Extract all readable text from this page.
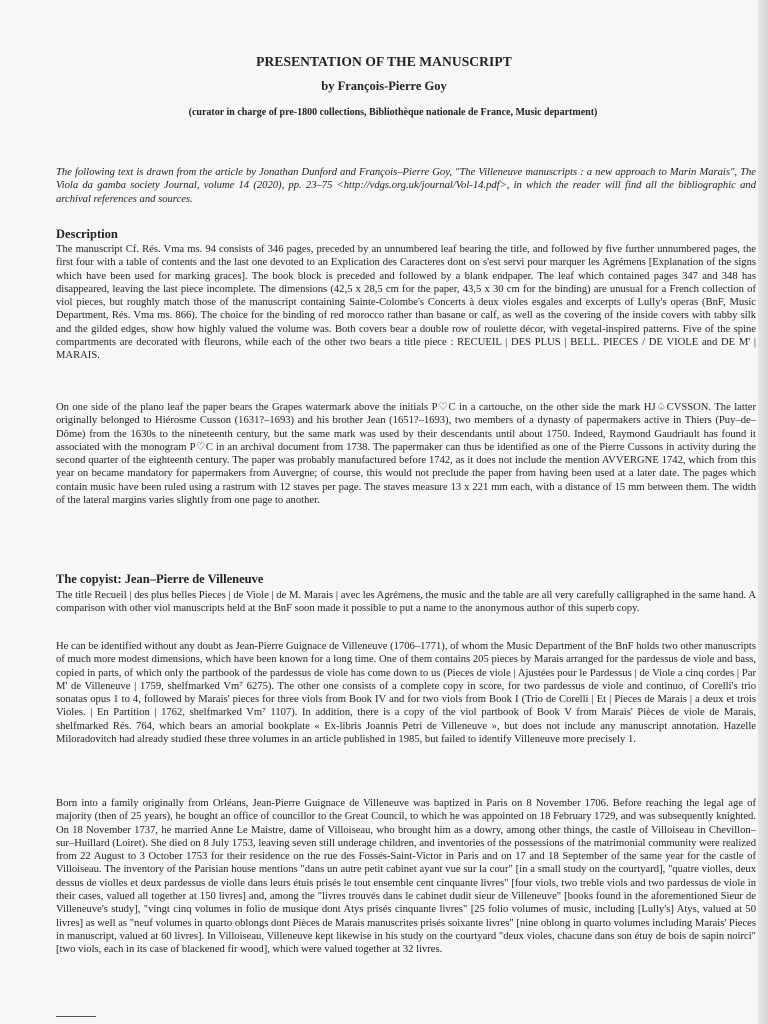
PRESENTATION OF THE MANUSCRIPT
by François-Pierre Goy
(curator in charge of pre-1800 collections, Bibliothèque nationale de France, Music department)

The following text is drawn from the article by Jonathan Dunford and François–Pierre Goy, "The Villeneuve manuscripts : a new approach to Marin Marais", The Viola da gamba society Journal, volume 14 (2020), pp. 23–75 <http://vdgs.org.uk/journal/Vol-14.pdf>, in which the reader will find all the bibliographic and archival references and sources.

Description

The manuscript Cf. Rés. Vma ms. 94 consists of 346 pages, preceded by an unnumbered leaf bearing the title, and followed by five further unnumbered pages, the first four with a table of contents and the last one devoted to an Explication des Caracteres dont on s'est servi pour marquer les Agrémens [Explanation of the signs which have been used for marking graces]. The book block is preceded and followed by a blank endpaper. The leaf which contained pages 347 and 348 has disappeared, leaving the last piece incomplete. The dimensions (42,5 x 28,5 cm for the paper, 43,5 x 30 cm for the binding) are unusual for a French collection of viol pieces, but roughly match those of the manuscript containing Sainte-Colombe's Concerts à deux violes esgales and excerpts of Lully's operas (BnF, Music Department, Rés. Vma ms. 866). The choice for the binding of red morocco rather than basane or calf, as well as the covering of the inside covers with tabby silk and the gilded edges, show how highly valued the volume was. Both covers bear a double row of roulette décor, with vegetal-inspired patterns. Five of the spine compartments are decorated with fleurons, while each of the other two bears a title piece : RECUEIL | DES PLUS | BELL. PIECES / DE VIOLE and DE M' | MARAIS.

On one side of the plano leaf the paper bears the Grapes watermark above the initials P♡C in a cartouche, on the other side the mark HJ♤CVSSON. The latter originally belonged to Hiérosme Cusson (1631?–1693) and his brother Jean (1651?–1693), two members of a dynasty of papermakers active in Thiers (Puy–de–Dôme) from the 1630s to the nineteenth century, but the same mark was used by their descendants until about 1750. Indeed, Raymond Gaudriault has found it associated with the monogram P♡C in an archival document from 1738. The papermaker can thus be identified as one of the Pierre Cussons in activity during the second quarter of the eighteenth century. The paper was probably manufactured before 1742, as it does not include the mention AVVERGNE 1742, which from this year on became mandatory for papermakers from Auvergne; of course, this would not preclude the paper from having been used at a later date. The pages which contain music have been ruled using a rastrum with 12 staves per page. The staves measure 13 x 221 mm each, with a distance of 15 mm between them. The width of the lateral margins varies slightly from one page to another.

The copyist: Jean–Pierre de Villeneuve

The title Recueil | des plus belles Pieces | de Viole | de M. Marais | avec les Agrémens, the music and the table are all very carefully calligraphed in the same hand. A comparison with other viol manuscripts held at the BnF soon made it possible to put a name to the anonymous author of this superb copy.

He can be identified without any doubt as Jean-Pierre Guignace de Villeneuve (1706–1771), of whom the Music Department of the BnF holds two other manuscripts of much more modest dimensions, which have been known for a long time. One of them contains 205 pieces by Marais arranged for the pardessus de viole and bass, copied in parts, of which only the partbook of the pardessus de viole has come down to us (Pieces de viole | Ajustées pour le Pardessus | de Viole a cinq cordes | Par M' de Villeneuve | 1759, shelfmarked Vm⁷ 6275). The other one consists of a complete copy in score, for two pardessus de viole and continuo, of Corelli's trio sonatas opus 1 to 4, followed by Marais' pieces for three viols from Book IV and for two viols from Book I (Trio de Corelli | Et | Pieces de Marais | a deux et trois Violes. | En Partition | 1762, shelfmarked Vm⁷ 1107). In addition, there is a copy of the viol partbook of Book V from Marais' Pièces de viole de Marais, shelfmarked Rés. 764, which bears an amorial bookplate « Ex-libris Joannis Petri de Villeneuve », but does not include any manuscript annotation. Hazelle Miloradovitch had already studied these three volumes in an article published in 1985, but failed to identify Villeneuve more precisely 1.

Born into a family originally from Orléans, Jean-Pierre Guignace de Villeneuve was baptized in Paris on 8 November 1706. Before reaching the legal age of majority (then of 25 years), he bought an office of councillor to the Great Council, to which he was appointed on 18 February 1729, and was subsequently knighted. On 18 November 1737, he married Anne Le Maistre, dame of Villoiseau, who brought him as a dowry, among other things, the castle of Villoiseau in Chevillon–sur–Huillard (Loiret). She died on 8 July 1753, leaving seven still underage children, and inventories of the possessions of the matrimonial community were realized from 22 August to 3 October 1753 for their residence on the rue des Fossés-Saint-Victor in Paris and on 17 and 18 September of the same year for the castle of Villoiseau. The inventory of the Parisian house mentions "dans un autre petit cabinet ayant vue sur la cour" [in a small study on the courtyard], "quatre violles, deux dessus de violles et deux pardessus de violle dans leurs étuis prisés le tout ensemble cent cinquante livres" [four viols, two treble viols and two pardessus de viole in their cases, valued all together at 150 livres] and, among the "livres trouvés dans le cabinet dudit sieur de Villeneuve" [books found in the aforementioned Sieur de Villeneuve's study], "vingt cinq volumes in folio de musique dont Atys prisés cinquante livres" [25 folio volumes of music, including [Lully's] Atys, valued at 50 livres] as well as "neuf volumes in quarto oblongs dont Pièces de Marais manuscrites prisés soixante livres" [nine oblong in quarto volumes including Marais' Pieces in manuscript, valued at 60 livres]. In Villoiseau, Villeneuve kept likewise in his study on the courtyard "deux violes, chacune dans son étuy de bois de sapin noirci" [two viols, each in its case of blackened fir wood], which were valued together at 32 livres.
